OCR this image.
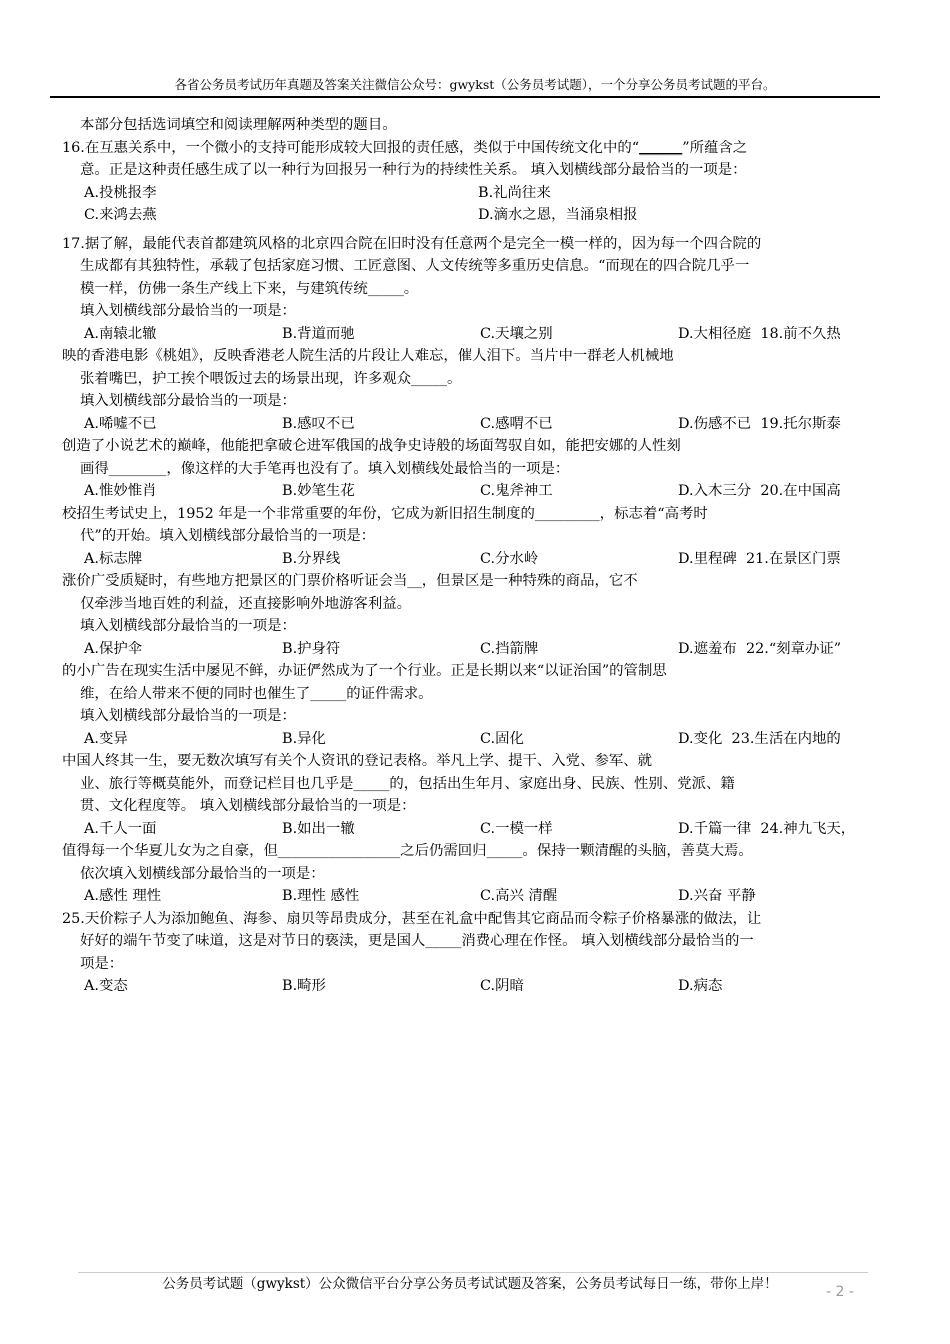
各省公务员考试历年真题及答案关注微信公众号：gwykst（公务员考试题），一个分享公务员考试题的平台。
本部分包括选词填空和阅读理解两种类型的题目。
16.在互惠关系中，一个微小的支持可能形成较大回报的责任感，类似于中国传统文化中的“______”所蕴含之
意。正是这种责任感生成了以一种行为回报另一种行为的持续性关系。 填入划横线部分最恰当的一项是：
A.投桃报李	B.礼尚往来
C.来鸿去燕	D.滴水之恩，当涌泉相报
17.据了解，最能代表首都建筑风格的北京四合院在旧时没有任意两个是完全一模一样的，因为每一个四合院的
生成都有其独特性，承载了包括家庭习惯、工匠意图、人文传统等多重历史信息。“而现在的四合院几乎一
模一样，仿佛一条生产线上下来，与建筑传统_____。
填入划横线部分最恰当的一项是：
A.南辕北辙	B.背道而驰	C.天壤之别	D.大相径庭 18.前不久热
映的香港电影《桃姐》，反映香港老人院生活的片段让人难忘，催人泪下。当片中一群老人机械地
张着嘴巴，护工挨个喂饭过去的场景出现，许多观众_____。
填入划横线部分最恰当的一项是：
A.唏嘘不已	B.感叹不已	C.感喟不已	D.伤感不已 19.托尔斯泰
创造了小说艺术的巅峰，他能把拿破仑进军俄国的战争史诗般的场面驾驭自如，能把安娜的人性刻
画得________，像这样的大手笔再也没有了。填入划横线处最恰当的一项是：
A.惟妙惟肖	B.妙笔生花	C.鬼斧神工	D.入木三分 20.在中国高
校招生考试史上，1952 年是一个非常重要的年份，它成为新旧招生制度的_________，标志着“高考时
代”的开始。填入划横线部分最恰当的一项是：
A.标志牌	B.分界线	C.分水岭	D.里程碑 21.在景区门票
涨价广受质疑时，有些地方把景区的门票价格听证会当__，但景区是一种特殊的商品，它不
仅牵涉当地百姓的利益，还直接影响外地游客利益。
填入划横线部分最恰当的一项是：
A.保护伞	B.护身符	C.挡箭牌	D.遮羞布 22.“刻章办证”
的小广告在现实生活中屡见不鲜，办证俨然成为了一个行业。正是长期以来“以证治国”的管制思
维，在给人带来不便的同时也催生了_____的证件需求。
填入划横线部分最恰当的一项是：
A.变异	B.异化	C.固化	D.变化 23.生活在内地的
中国人终其一生，要无数次填写有关个人资讯的登记表格。举凡上学、提干、入党、参军、就
业、旅行等概莫能外，而登记栏目也几乎是_____的，包括出生年月、家庭出身、民族、性别、党派、籍
贯、文化程度等。 填入划横线部分最恰当的一项是：
A.千人一面	B.如出一辙	C.一模一样	D.千篇一律 24.神九飞天，
值得每一个华夏儿女为之自豪，但_________________之后仍需回归_____。保持一颗清醒的头脑，善莫大焉。
依次填入划横线部分最恰当的一项是：
A.感性 理性	B.理性 感性	C.高兴 清醒	D.兴奋 平静
25.天价粽子人为添加鲍鱼、海参、扇贝等昂贵成分，甚至在礼盒中配售其它商品而令粽子价格暴涨的做法，让
好好的端午节变了味道，这是对节日的亵渎，更是国人_____消费心理在作怪。 填入划横线部分最恰当的一
项是：
A.变态	B.畸形	C.阴暗	D.病态
公务员考试题（gwykst）公众微信平台分享公务员考试试题及答案，公务员考试每日一练，带你上岸！	- 2 -
